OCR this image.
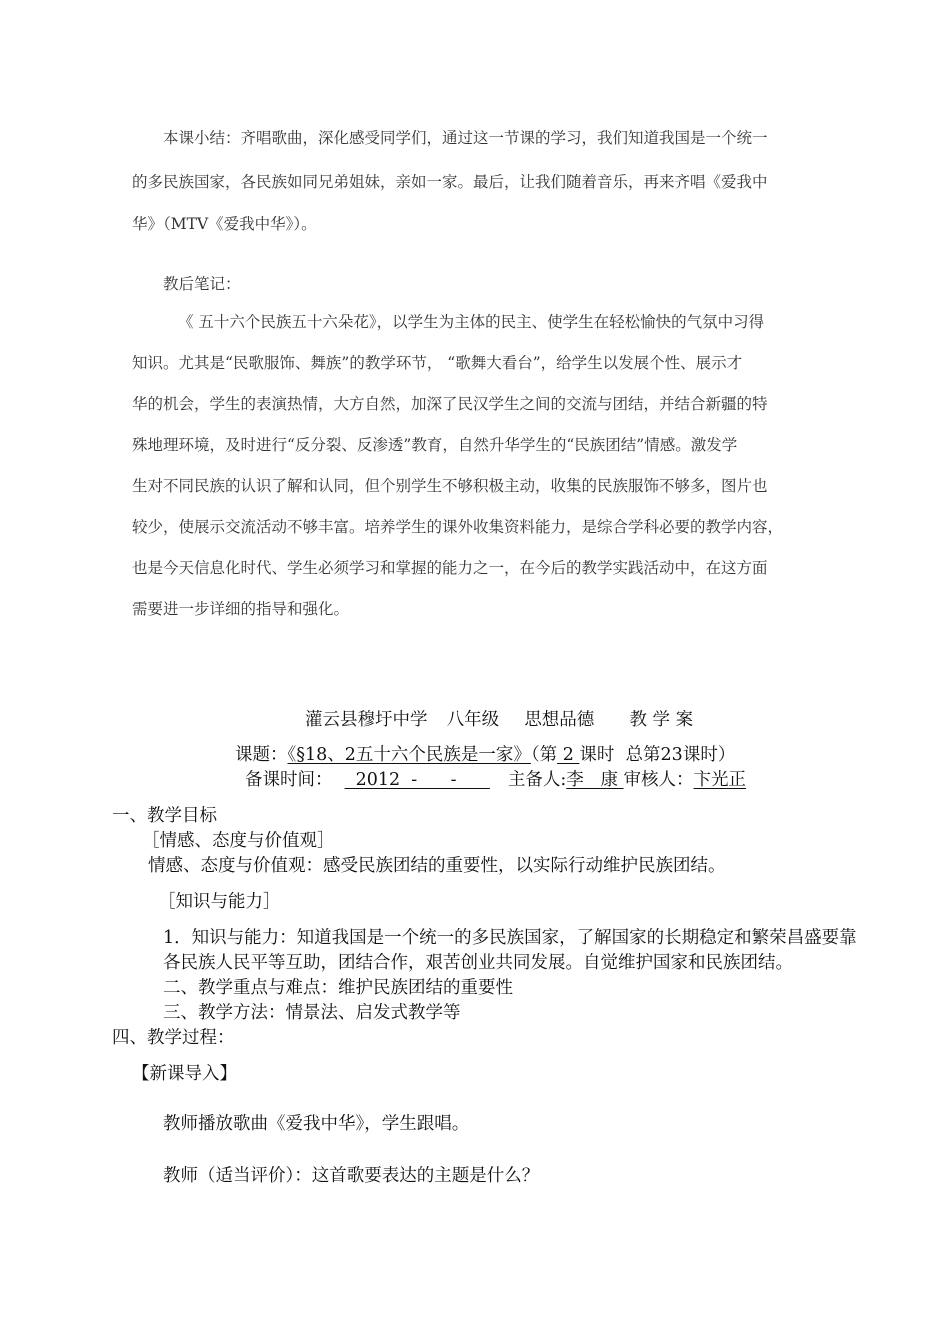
本课小结：齐唱歌曲，深化感受同学们，通过这一节课的学习，我们知道我国是一个统一
的多民族国家，各民族如同兄弟姐妹，亲如一家。最后，让我们随着音乐，再来齐唱《爱我中
华》（MTV《爱我中华》）。
教后笔记：
《 五十六个民族五十六朵花》，以学生为主体的民主、使学生在轻松愉快的气氛中习得
知识。尤其是“民歌服饰、舞族”的教学环节， “歌舞大看台”，给学生以发展个性、展示才
华的机会，学生的表演热情，大方自然，加深了民汉学生之间的交流与团结，并结合新疆的特
殊地理环境，及时进行“反分裂、反渗透”教育，自然升华学生的“民族团结”情感。激发学
生对不同民族的认识了解和认同，但个别学生不够积极主动，收集的民族服饰不够多，图片也
较少，使展示交流活动不够丰富。培养学生的课外收集资料能力，是综合学科必要的教学内容，
也是今天信息化时代、学生必须学习和掌握的能力之一，在今后的教学实践活动中，在这方面
需要进一步详细的指导和强化。
灌云县穆圩中学 八年级 思想品德 教 学 案
课题：《§18、2五十六个民族是一家》（第 2 课时  总第23课时）
备课时间：  2012  -      -      主备人:李   康 审核人：卞光正
一、教学目标
［情感、态度与价值观］
情感、态度与价值观：感受民族团结的重要性，以实际行动维护民族团结。
［知识与能力］
1．知识与能力：知道我国是一个统一的多民族国家，了解国家的长期稳定和繁荣昌盛要靠
各民族人民平等互助，团结合作，艰苦创业共同发展。自觉维护国家和民族团结。
二、教学重点与难点：维护民族团结的重要性
三、教学方法：情景法、启发式教学等
四、教学过程：
【新课导入】
教师播放歌曲《爱我中华》，学生跟唱。
教师（适当评价）：这首歌要表达的主题是什么？
